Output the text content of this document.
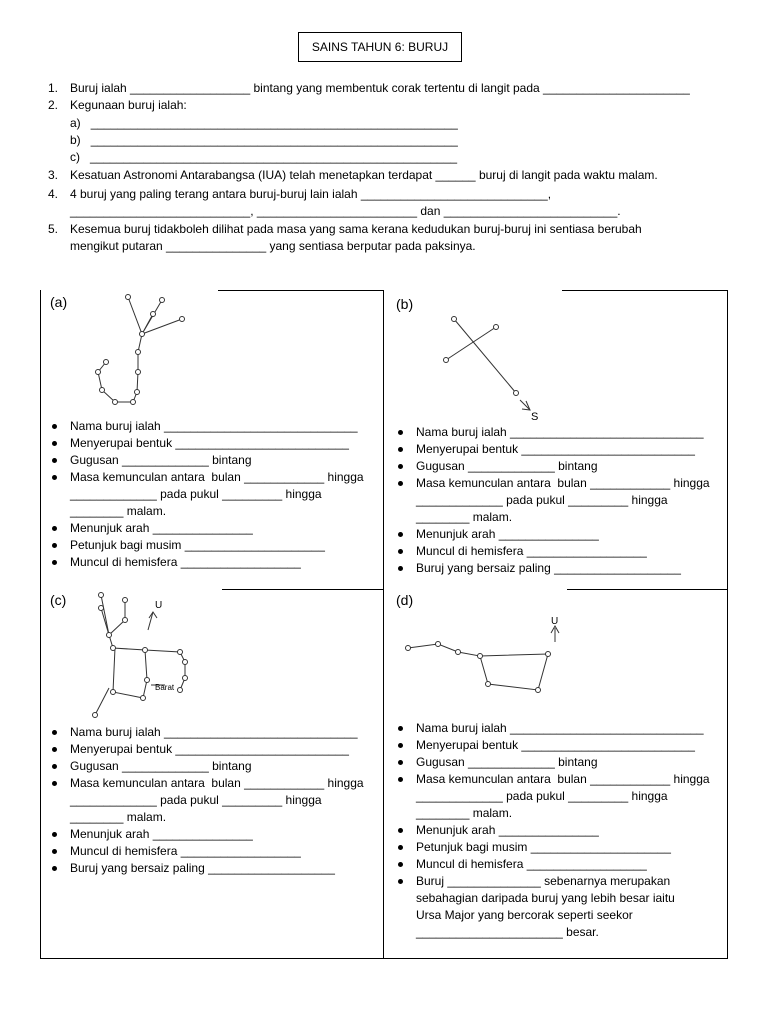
SAINS TAHUN 6: BURUJ
1. Buruj ialah __________________ bintang yang membentuk corak tertentu di langit pada ______________________
2. Kegunaan buruj ialah:
a) _______________________________________________________
b) _______________________________________________________
c) _______________________________________________________
3. Kesatuan Astronomi Antarabangsa (IUA) telah menetapkan terdapat ______ buruj di langit pada waktu malam.
4. 4 buruj yang paling terang antara buruj-buruj lain ialah ____________________________,
___________________________, ________________________ dan __________________________.
5. Kesemua buruj tidakboleh dilihat pada masa yang sama kerana kedudukan buruj-buruj ini sentiasa berubah
mengikut putaran _______________ yang sentiasa berputar pada paksinya.
(a)
Nama buruj ialah _____________________________
Menyerupai bentuk __________________________
Gugusan _____________ bintang
Masa kemunculan antara  bulan ____________ hingga
_____________ pada pukul _________ hingga
________ malam.
Menunjuk arah _______________
Petunjuk bagi musim _____________________
Muncul di hemisfera __________________
(b)
S
Nama buruj ialah _____________________________
Menyerupai bentuk __________________________
Gugusan _____________ bintang
Masa kemunculan antara  bulan ____________ hingga
_____________ pada pukul _________ hingga
________ malam.
Menunjuk arah _______________
Muncul di hemisfera __________________
Buruj yang bersaiz paling ___________________
(c)	U
Barat
Nama buruj ialah _____________________________
Menyerupai bentuk __________________________
Gugusan _____________ bintang
Masa kemunculan antara  bulan ____________ hingga
_____________ pada pukul _________ hingga
________ malam.
Menunjuk arah _______________
Muncul di hemisfera __________________
Buruj yang bersaiz paling ___________________
(d)
U
Nama buruj ialah _____________________________
Menyerupai bentuk __________________________
Gugusan _____________ bintang
Masa kemunculan antara  bulan ____________ hingga
_____________ pada pukul _________ hingga
________ malam.
Menunjuk arah _______________
Petunjuk bagi musim _____________________
Muncul di hemisfera __________________
Buruj ______________ sebenarnya merupakan
sebahagian daripada buruj yang lebih besar iaitu
Ursa Major yang bercorak seperti seekor
______________________ besar.
